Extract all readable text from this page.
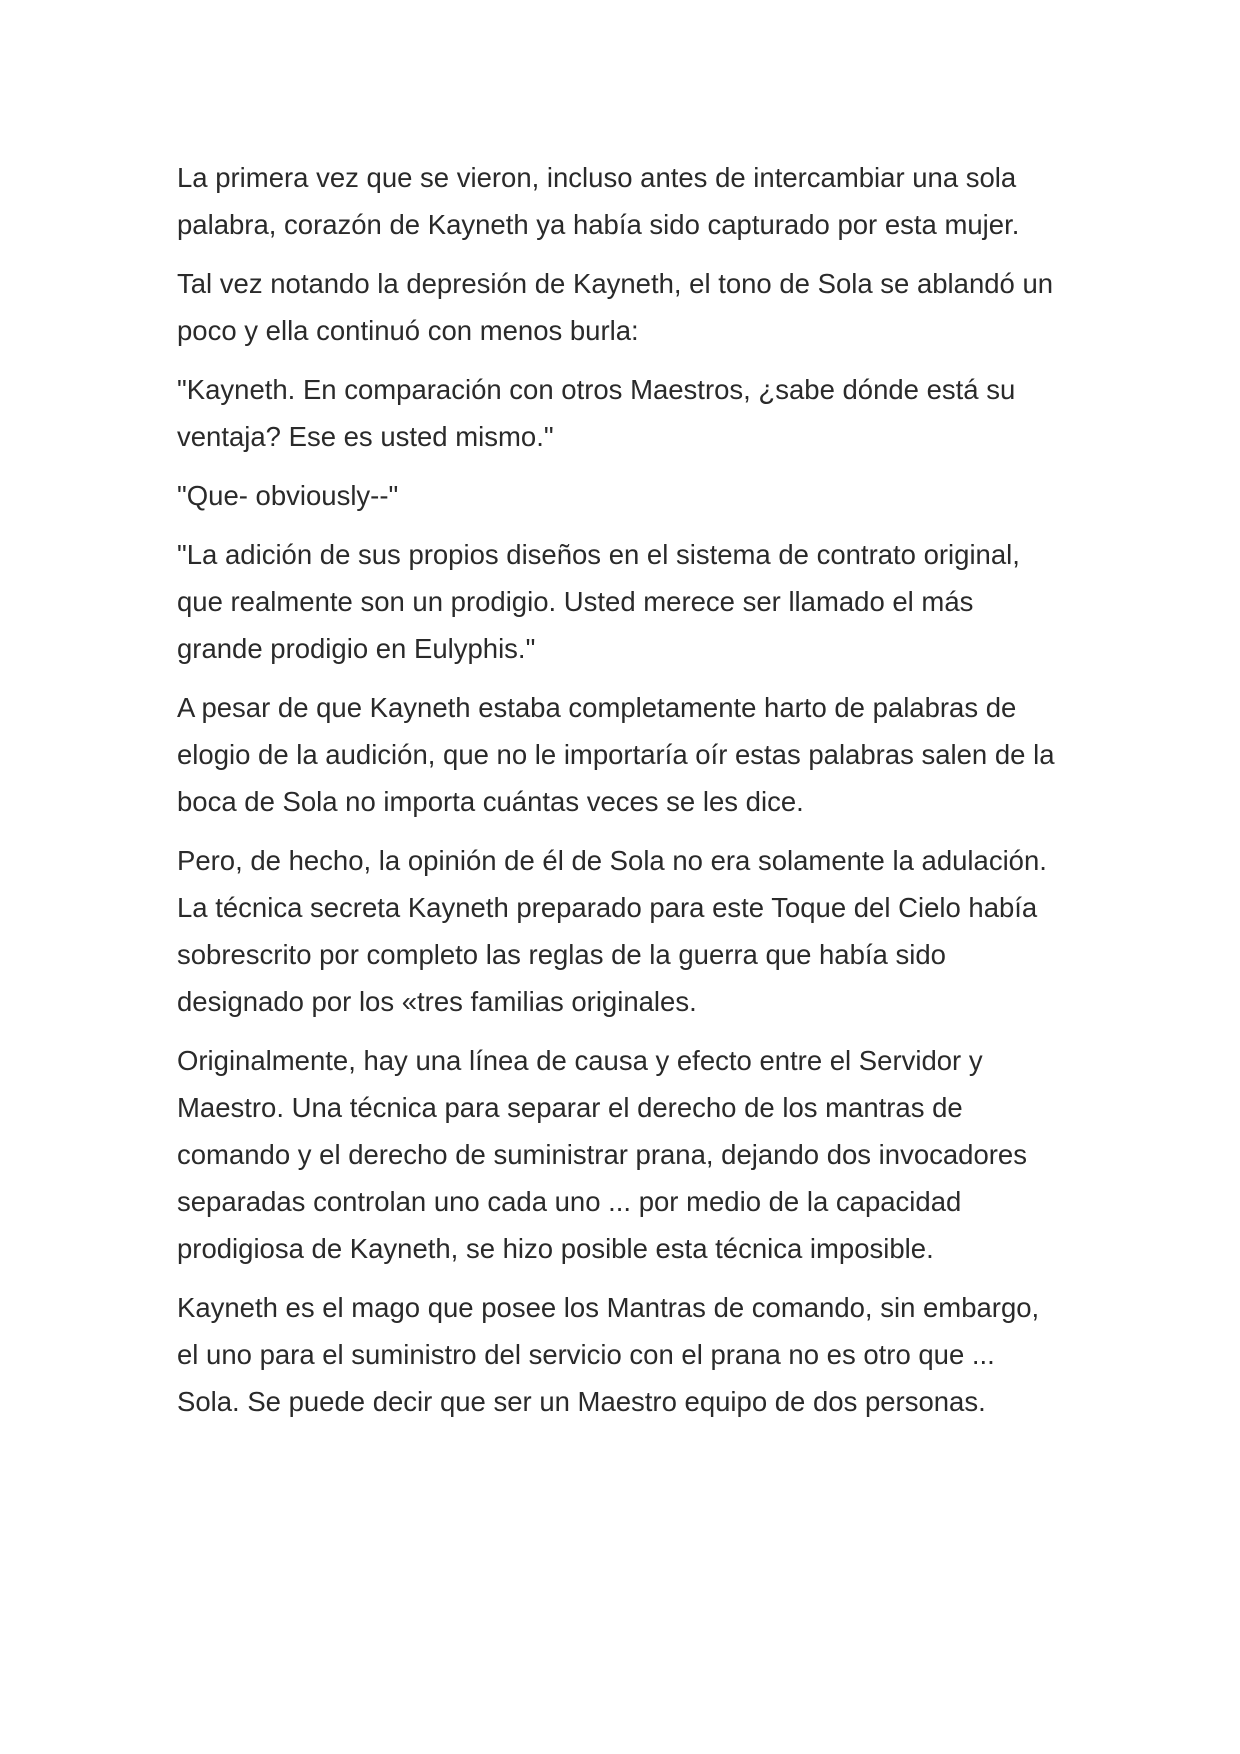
La primera vez que se vieron, incluso antes de intercambiar una sola palabra, corazón de Kayneth ya había sido capturado por esta mujer.

Tal vez notando la depresión de Kayneth, el tono de Sola se ablandó un poco y ella continuó con menos burla:

"Kayneth. En comparación con otros Maestros, ¿sabe dónde está su ventaja? Ese es usted mismo."

"Que- obviously--"

"La adición de sus propios diseños en el sistema de contrato original, que realmente son un prodigio. Usted merece ser llamado el más grande prodigio en Eulyphis."

A pesar de que Kayneth estaba completamente harto de palabras de elogio de la audición, que no le importaría oír estas palabras salen de la boca de Sola no importa cuántas veces se les dice.

Pero, de hecho, la opinión de él de Sola no era solamente la adulación. La técnica secreta Kayneth preparado para este Toque del Cielo había sobrescrito por completo las reglas de la guerra que había sido designado por los «tres familias originales.

Originalmente, hay una línea de causa y efecto entre el Servidor y Maestro. Una técnica para separar el derecho de los mantras de comando y el derecho de suministrar prana, dejando dos invocadores separadas controlan uno cada uno ... por medio de la capacidad prodigiosa de Kayneth, se hizo posible esta técnica imposible.

Kayneth es el mago que posee los Mantras de comando, sin embargo, el uno para el suministro del servicio con el prana no es otro que ... Sola. Se puede decir que ser un Maestro equipo de dos personas.
